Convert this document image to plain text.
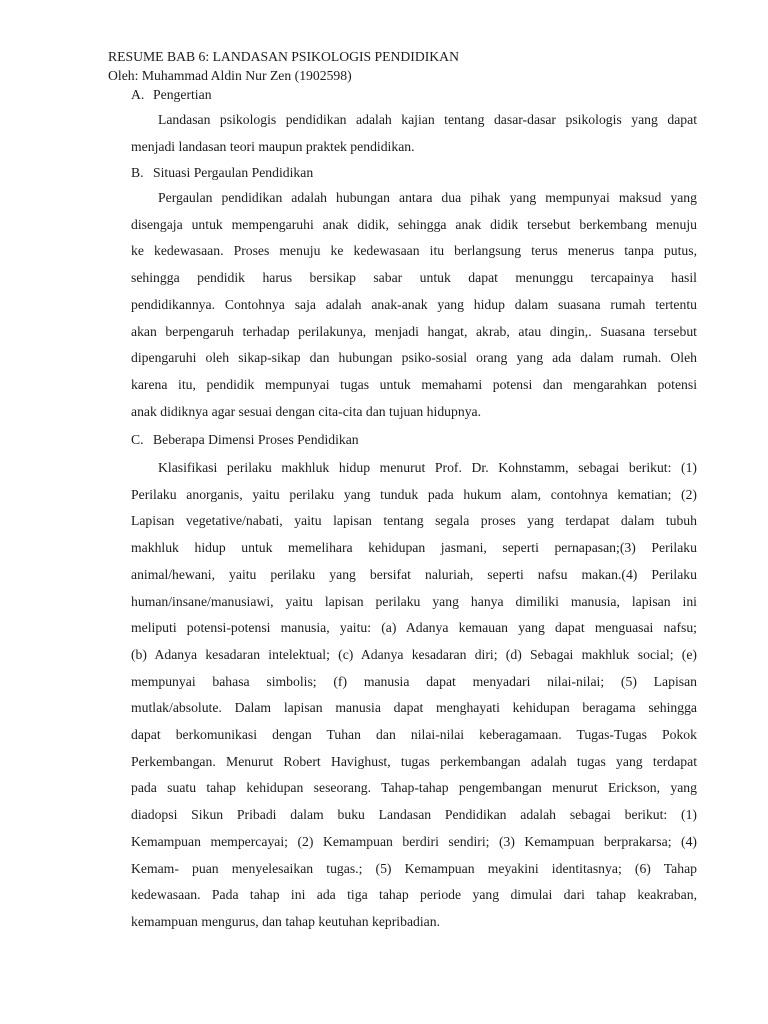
RESUME BAB 6: LANDASAN PSIKOLOGIS PENDIDIKAN
Oleh: Muhammad Aldin Nur Zen (1902598)
A. Pengertian
Landasan psikologis pendidikan adalah kajian tentang dasar-dasar psikologis yang dapat
menjadi landasan teori maupun praktek pendidikan.
B. Situasi Pergaulan Pendidikan
Pergaulan pendidikan adalah hubungan antara dua pihak yang mempunyai maksud yang
disengaja untuk mempengaruhi anak didik, sehingga anak didik tersebut berkembang menuju
ke kedewasaan. Proses menuju ke kedewasaan itu berlangsung terus menerus tanpa putus,
sehingga pendidik harus bersikap sabar untuk dapat menunggu tercapainya hasil
pendidikannya. Contohnya saja adalah anak-anak yang hidup dalam suasana rumah tertentu
akan berpengaruh terhadap perilakunya, menjadi hangat, akrab, atau dingin,. Suasana tersebut
dipengaruhi oleh sikap-sikap dan hubungan psiko-sosial orang yang ada dalam rumah. Oleh
karena itu, pendidik mempunyai tugas untuk memahami potensi dan mengarahkan potensi
anak didiknya agar sesuai dengan cita-cita dan tujuan hidupnya.
C. Beberapa Dimensi Proses Pendidikan
Klasifikasi perilaku makhluk hidup menurut Prof. Dr. Kohnstamm, sebagai berikut: (1)
Perilaku anorganis, yaitu perilaku yang tunduk pada hukum alam, contohnya kematian; (2)
Lapisan vegetative/nabati, yaitu lapisan tentang segala proses yang terdapat dalam tubuh
makhluk hidup untuk memelihara kehidupan jasmani, seperti pernapasan;(3) Perilaku
animal/hewani, yaitu perilaku yang bersifat naluriah, seperti nafsu makan.(4) Perilaku
human/insane/manusiawi, yaitu lapisan perilaku yang hanya dimiliki manusia, lapisan ini
meliputi potensi-potensi manusia, yaitu: (a) Adanya kemauan yang dapat menguasai nafsu;
(b) Adanya kesadaran intelektual; (c) Adanya kesadaran diri; (d) Sebagai makhluk social; (e)
mempunyai bahasa simbolis; (f) manusia dapat menyadari nilai-nilai; (5) Lapisan
mutlak/absolute. Dalam lapisan manusia dapat menghayati kehidupan beragama sehingga
dapat berkomunikasi dengan Tuhan dan nilai-nilai keberagamaan. Tugas-Tugas Pokok
Perkembangan. Menurut Robert Havighust, tugas perkembangan adalah tugas yang terdapat
pada suatu tahap kehidupan seseorang. Tahap-tahap pengembangan menurut Erickson, yang
diadopsi Sikun Pribadi dalam buku Landasan Pendidikan adalah sebagai berikut: (1)
Kemampuan mempercayai; (2) Kemampuan berdiri sendiri; (3) Kemampuan berprakarsa; (4)
Kemam- puan menyelesaikan tugas.; (5) Kemampuan meyakini identitasnya; (6) Tahap
kedewasaan. Pada tahap ini ada tiga tahap periode yang dimulai dari tahap keakraban,
kemampuan mengurus, dan tahap keutuhan kepribadian.
